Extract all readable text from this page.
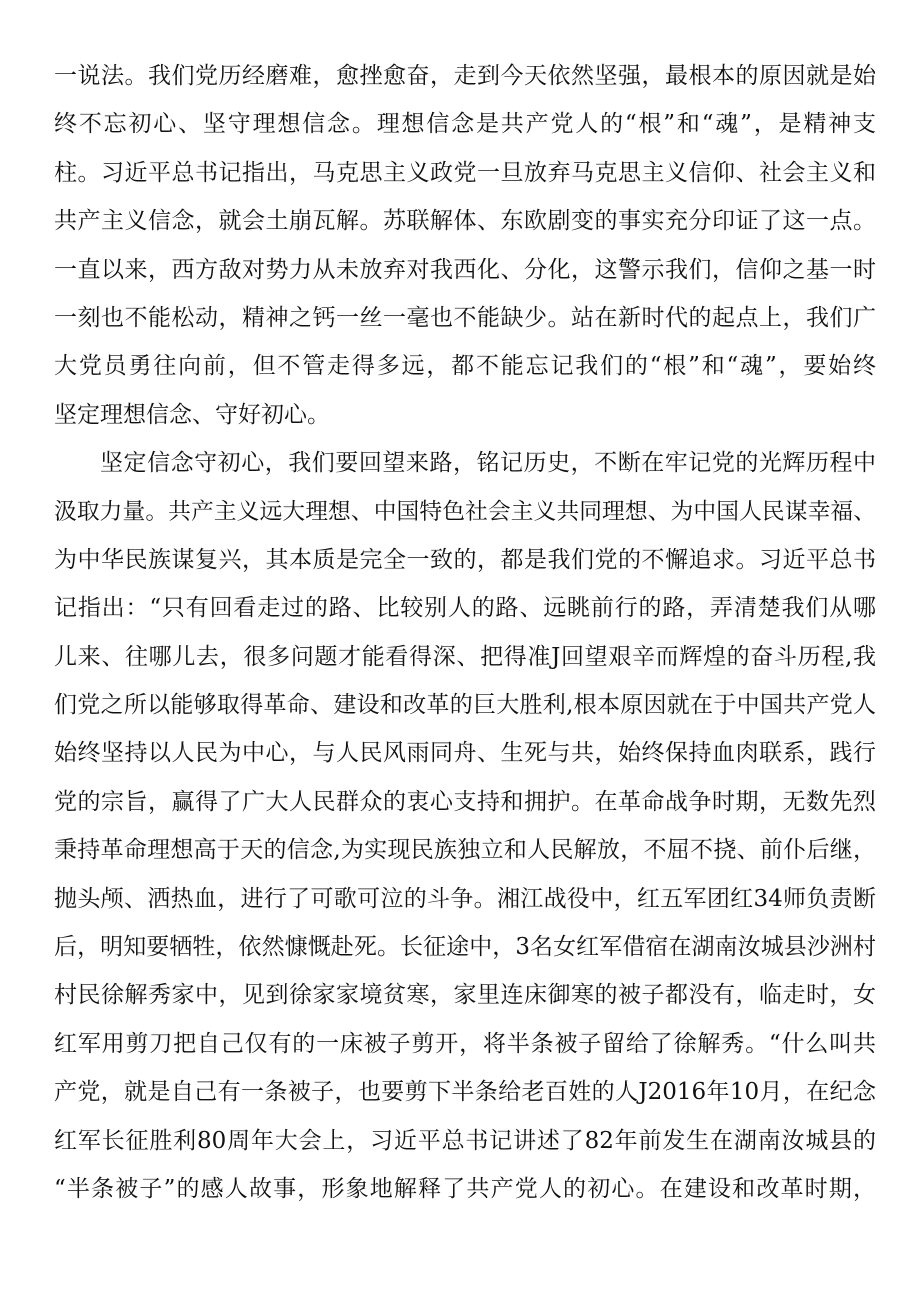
一说法。我们党历经磨难，愈挫愈奋，走到今天依然坚强，最根本的原因就是始
终不忘初心、坚守理想信念。理想信念是共产党人的“根”和“魂”，是精神支
柱。习近平总书记指出，马克思主义政党一旦放弃马克思主义信仰、社会主义和
共产主义信念，就会土崩瓦解。苏联解体、东欧剧变的事实充分印证了这一点。
一直以来，西方敌对势力从未放弃对我西化、分化，这警示我们，信仰之基一时
一刻也不能松动，精神之钙一丝一毫也不能缺少。站在新时代的起点上，我们广
大党员勇往向前，但不管走得多远，都不能忘记我们的“根”和“魂”，要始终
坚定理想信念、守好初心。
坚定信念守初心，我们要回望来路，铭记历史，不断在牢记党的光辉历程中
汲取力量。共产主义远大理想、中国特色社会主义共同理想、为中国人民谋幸福、
为中华民族谋复兴，其本质是完全一致的，都是我们党的不懈追求。习近平总书
记指出：“只有回看走过的路、比较别人的路、远眺前行的路，弄清楚我们从哪
儿来、往哪儿去，很多问题才能看得深、把得准J回望艰辛而辉煌的奋斗历程,我
们党之所以能够取得革命、建设和改革的巨大胜利,根本原因就在于中国共产党人
始终坚持以人民为中心，与人民风雨同舟、生死与共，始终保持血肉联系，践行
党的宗旨，赢得了广大人民群众的衷心支持和拥护。在革命战争时期，无数先烈
秉持革命理想高于天的信念,为实现民族独立和人民解放，不屈不挠、前仆后继，
抛头颅、洒热血，进行了可歌可泣的斗争。湘江战役中，红五军团红34师负责断
后，明知要牺牲，依然慷慨赴死。长征途中，3名女红军借宿在湖南汝城县沙洲村
村民徐解秀家中，见到徐家家境贫寒，家里连床御寒的被子都没有，临走时，女
红军用剪刀把自己仅有的一床被子剪开，将半条被子留给了徐解秀。“什么叫共
产党，就是自己有一条被子，也要剪下半条给老百姓的人J2016年10月，在纪念
红军长征胜利80周年大会上，习近平总书记讲述了82年前发生在湖南汝城县的
“半条被子”的感人故事，形象地解释了共产党人的初心。在建设和改革时期，
